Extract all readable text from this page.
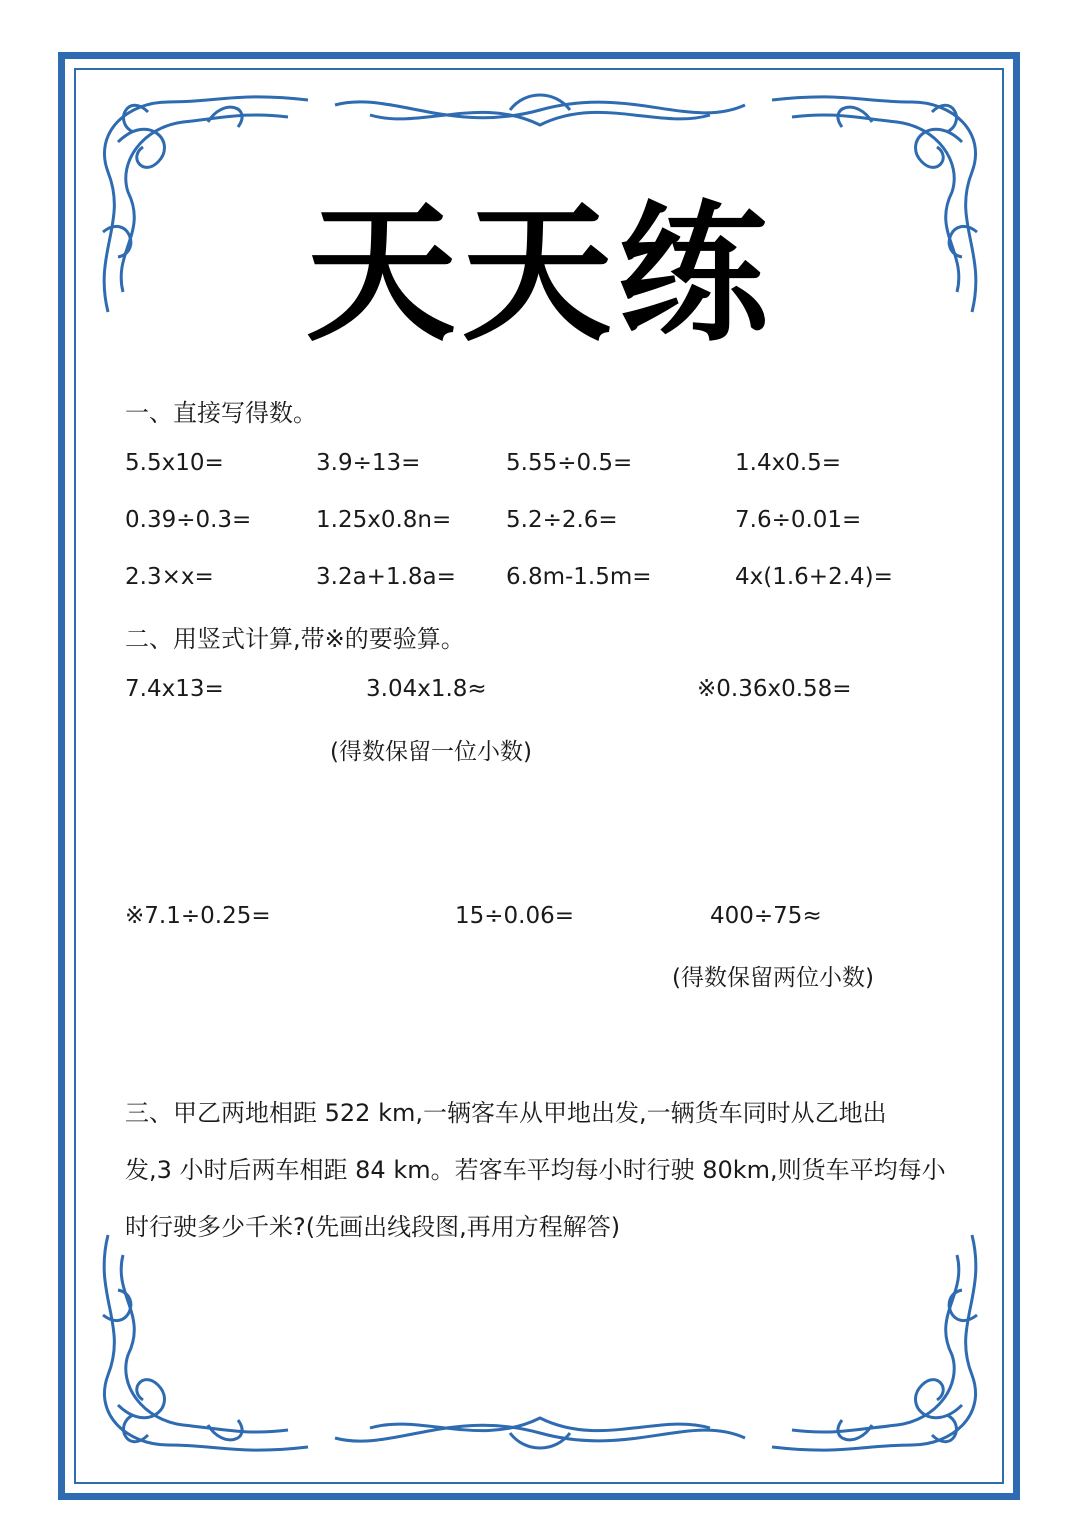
天天练
一、直接写得数。
5.5x10=	3.9÷13=	5.55÷0.5=	1.4x0.5=
0.39÷0.3=	1.25x0.8n= 5.2÷2.6=	7.6÷0.01=
2.3×x=	3.2a+1.8a= 6.8m-1.5m=	4x(1.6+2.4)=
二、用竖式计算,带※的要验算。
7.4x13=	3.04x1.8≈	※0.36x0.58=
(得数保留一位小数)
※7.1÷0.25=	15÷0.06=	400÷75≈
(得数保留两位小数)
三、甲乙两地相距 522 km,一辆客车从甲地出发,一辆货车同时从乙地出
发,3 小时后两车相距 84 km。若客车平均每小时行驶 80km,则货车平均每小
时行驶多少千米?(先画出线段图,再用方程解答)
